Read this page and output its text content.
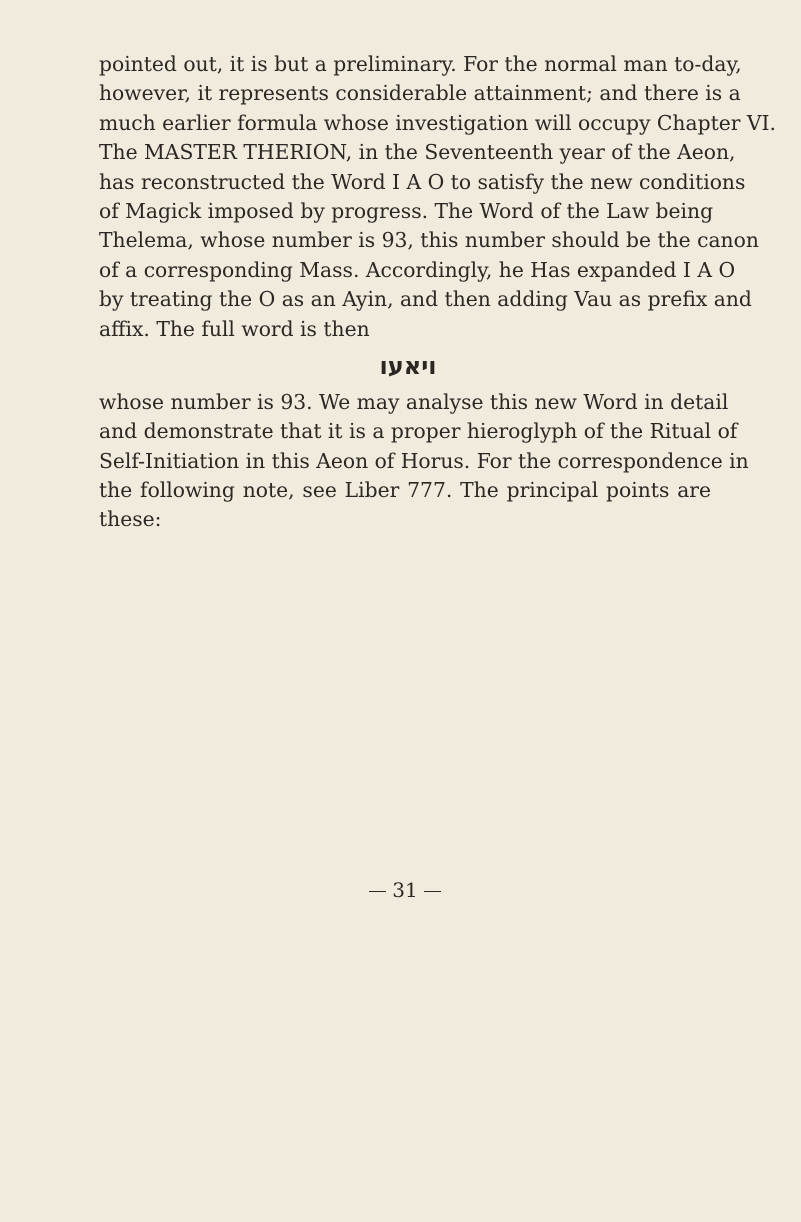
pointed out, it is but a preliminary. For the normal man to-day,
however, it represents considerable attainment; and there is a
much earlier formula whose investigation will occupy Chapter VI.
The MASTER THERION, in the Seventeenth year of the Aeon,
has reconstructed the Word I A O to satisfy the new conditions
of Magick imposed by progress. The Word of the Law being
Thelema, whose number is 93, this number should be the canon
of a corresponding Mass. Accordingly, he Has expanded I A O
by treating the O as an Ayin, and then adding Vau as prefix and
affix. The full word is then
ויאעו
whose number is 93. We may analyse this new Word in detail
and demonstrate that it is a proper hieroglyph of the Ritual of
Self-Initiation in this Aeon of Horus. For the correspondence in
the following note, see Liber 777. The principal points are
these:
31
